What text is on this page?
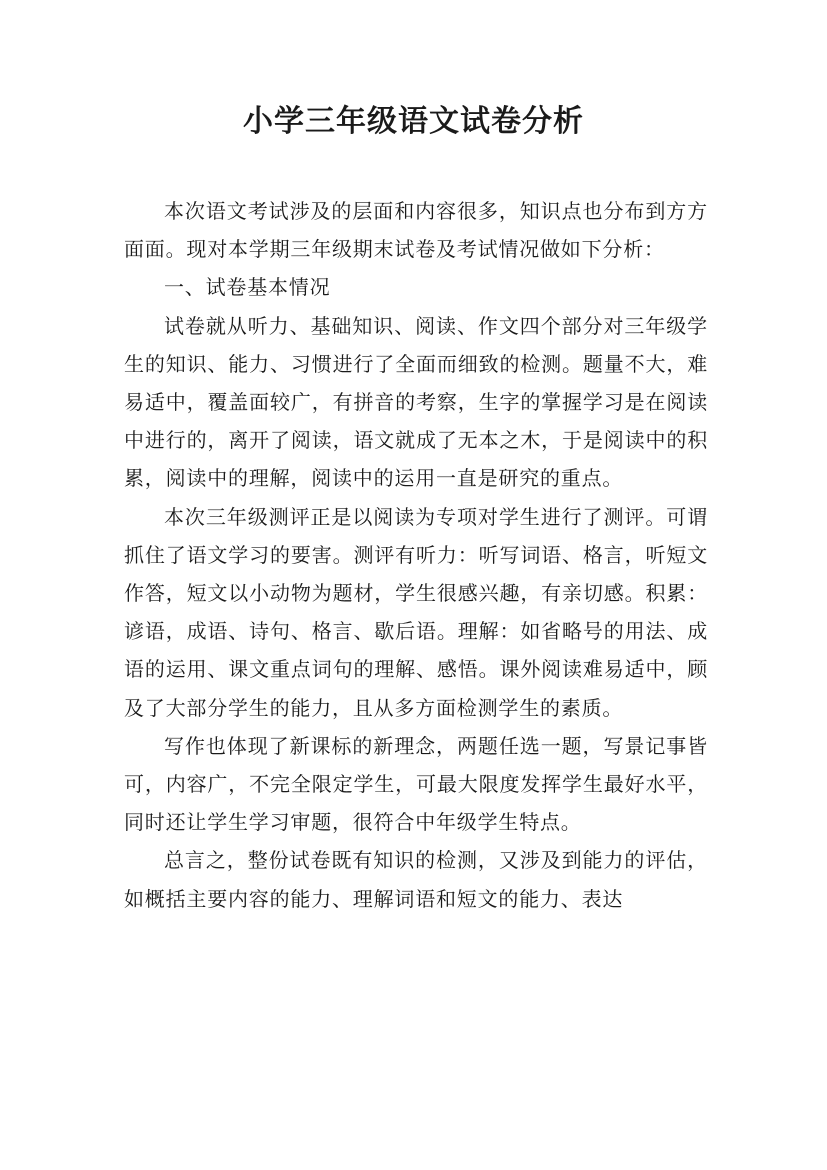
小学三年级语文试卷分析

本次语文考试涉及的层面和内容很多，知识点也分布到方方面面。现对本学期三年级期末试卷及考试情况做如下分析：

一、试卷基本情况

试卷就从听力、基础知识、阅读、作文四个部分对三年级学生的知识、能力、习惯进行了全面而细致的检测。题量不大，难易适中，覆盖面较广，有拼音的考察，生字的掌握学习是在阅读中进行的，离开了阅读，语文就成了无本之木，于是阅读中的积累，阅读中的理解，阅读中的运用一直是研究的重点。

本次三年级测评正是以阅读为专项对学生进行了测评。可谓抓住了语文学习的要害。测评有听力：听写词语、格言，听短文作答，短文以小动物为题材，学生很感兴趣，有亲切感。积累：谚语，成语、诗句、格言、歇后语。理解：如省略号的用法、成语的运用、课文重点词句的理解、感悟。课外阅读难易适中，顾及了大部分学生的能力，且从多方面检测学生的素质。

写作也体现了新课标的新理念，两题任选一题，写景记事皆可，内容广，不完全限定学生，可最大限度发挥学生最好水平，同时还让学生学习审题，很符合中年级学生特点。

总言之，整份试卷既有知识的检测，又涉及到能力的评估，如概括主要内容的能力、理解词语和短文的能力、表达
